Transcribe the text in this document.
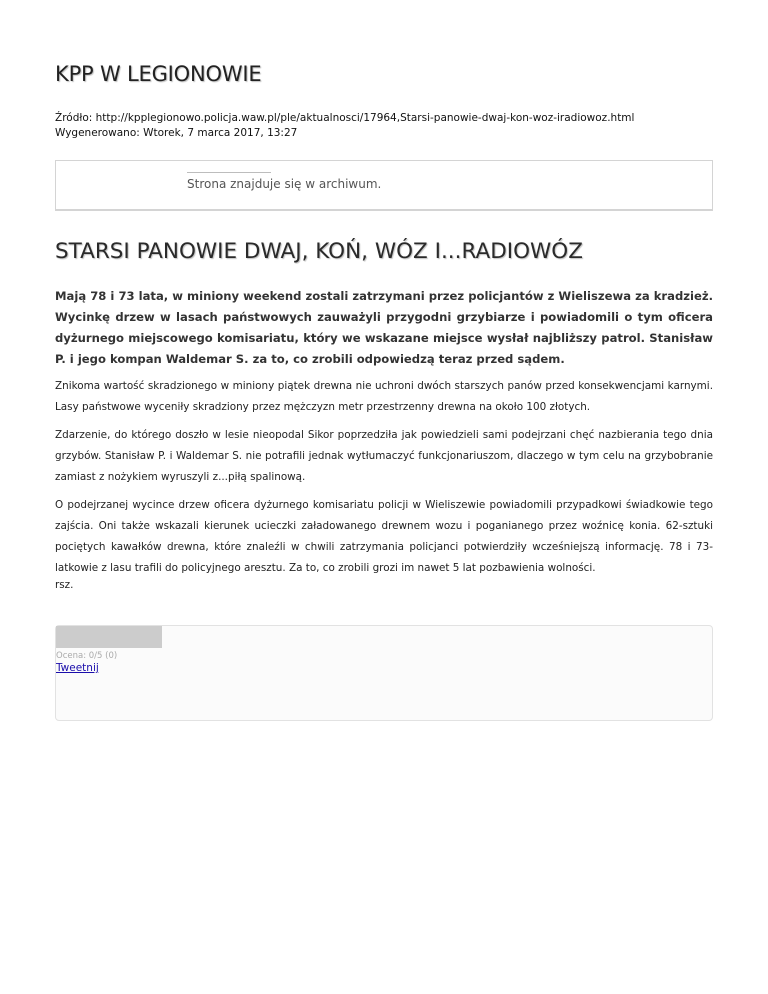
KPP W LEGIONOWIE
Źródło: http://kpplegionowo.policja.waw.pl/ple/aktualnosci/17964,Starsi-panowie-dwaj-kon-woz-iradiowoz.html
Wygenerowano: Wtorek, 7 marca 2017, 13:27
Strona znajduje się w archiwum.
STARSI PANOWIE DWAJ, KOŃ, WÓZ I...RADIOWÓZ

Mają 78 i 73 lata, w miniony weekend zostali zatrzymani przez policjantów z Wieliszewa za kradzież. Wycinkę drzew w lasach państwowych zauważyli przygodni grzybiarze i powiadomili o tym oficera dyżurnego miejscowego komisariatu, który we wskazane miejsce wysłał najbliższy patrol. Stanisław P. i jego kompan Waldemar S. za to, co zrobili odpowiedzą teraz przed sądem.

Znikoma wartość skradzionego w miniony piątek drewna nie uchroni dwóch starszych panów przed konsekwencjami karnymi. Lasy państwowe wyceniły skradziony przez mężczyzn metr przestrzenny drewna na około 100 złotych.

Zdarzenie, do którego doszło w lesie nieopodal Sikor poprzedziła jak powiedzieli sami podejrzani chęć nazbierania tego dnia grzybów. Stanisław P. i Waldemar S. nie potrafili jednak wytłumaczyć funkcjonariuszom, dlaczego w tym celu na grzybobranie zamiast z nożykiem wyruszyli z...piłą spalinową.

O podejrzanej wycince drzew oficera dyżurnego komisariatu policji w Wieliszewie powiadomili przypadkowi świadkowie tego zajścia. Oni także wskazali kierunek ucieczki załadowanego drewnem wozu i poganianego przez woźnicę konia. 62-sztuki pociętych kawałków drewna, które znaleźli w chwili zatrzymania policjanci potwierdziły wcześniejszą informację. 78 i 73-latkowie z lasu trafili do policyjnego aresztu. Za to, co zrobili grozi im nawet 5 lat pozbawienia wolności.

rsz.

Ocena: 0/5 (0)
Tweetnij
